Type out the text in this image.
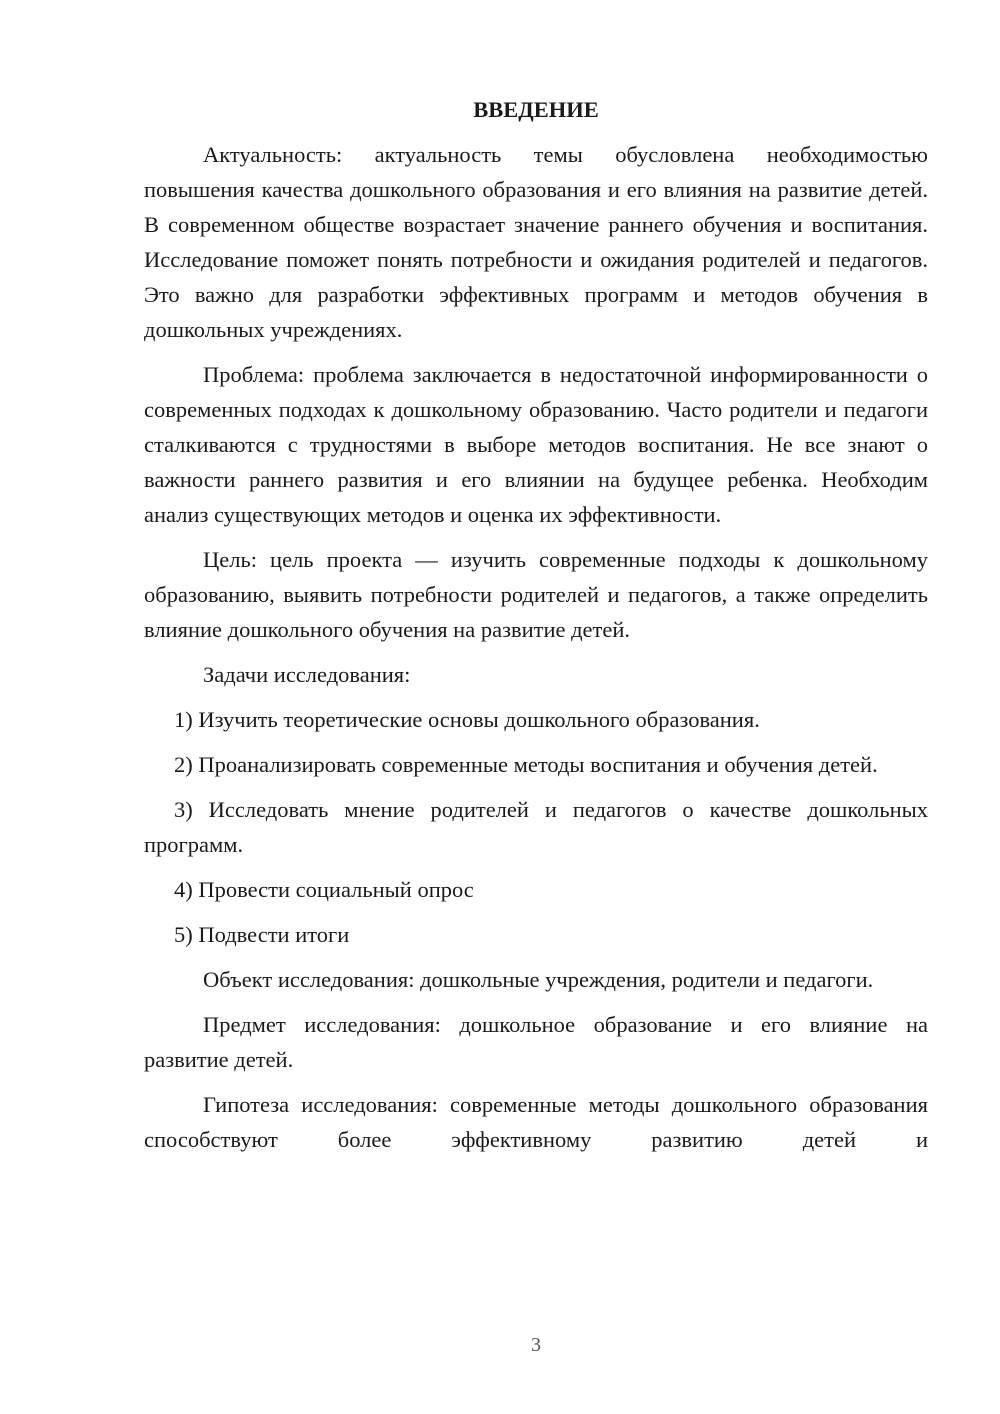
ВВЕДЕНИЕ
Актуальность: актуальность темы обусловлена необходимостью повышения качества дошкольного образования и его влияния на развитие детей. В современном обществе возрастает значение раннего обучения и воспитания. Исследование поможет понять потребности и ожидания родителей и педагогов. Это важно для разработки эффективных программ и методов обучения в дошкольных учреждениях.
Проблема: проблема заключается в недостаточной информированности о современных подходах к дошкольному образованию. Часто родители и педагоги сталкиваются с трудностями в выборе методов воспитания. Не все знают о важности раннего развития и его влиянии на будущее ребенка. Необходим анализ существующих методов и оценка их эффективности.
Цель: цель проекта — изучить современные подходы к дошкольному образованию, выявить потребности родителей и педагогов, а также определить влияние дошкольного обучения на развитие детей.
Задачи исследования:
1) Изучить теоретические основы дошкольного образования.
2) Проанализировать современные методы воспитания и обучения детей.
3) Исследовать мнение родителей и педагогов о качестве дошкольных программ.
4) Провести социальный опрос
5) Подвести итоги
Объект исследования: дошкольные учреждения, родители и педагоги.
Предмет исследования: дошкольное образование и его влияние на развитие детей.
Гипотеза исследования: современные методы дошкольного образования способствуют более эффективному развитию детей и
3
